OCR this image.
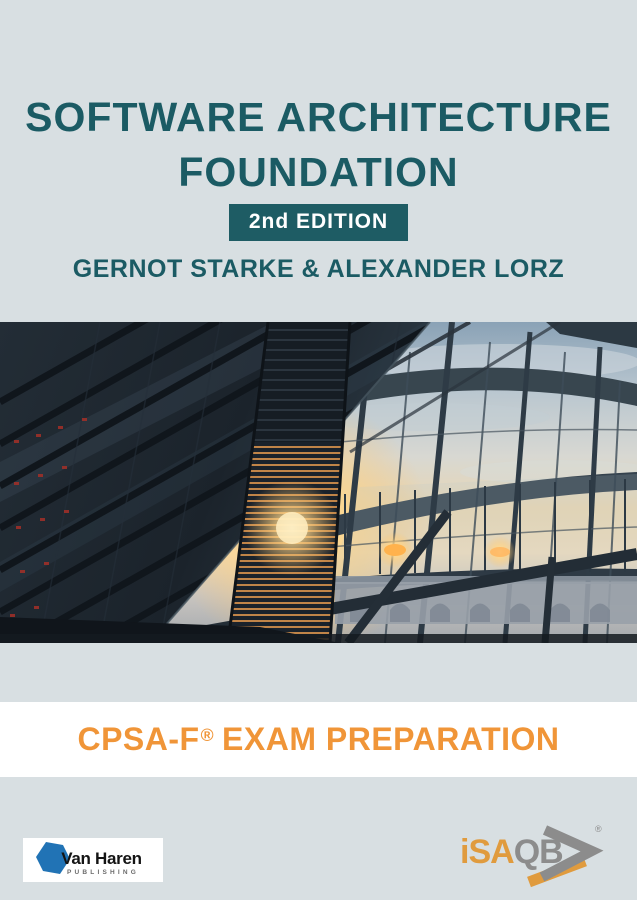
SOFTWARE ARCHITECTURE
FOUNDATION
2nd EDITION
GERNOT STARKE & ALEXANDER LORZ
CPSA-F® EXAM PREPARATION
Van Haren
PUBLISHING
iSAQB
®
